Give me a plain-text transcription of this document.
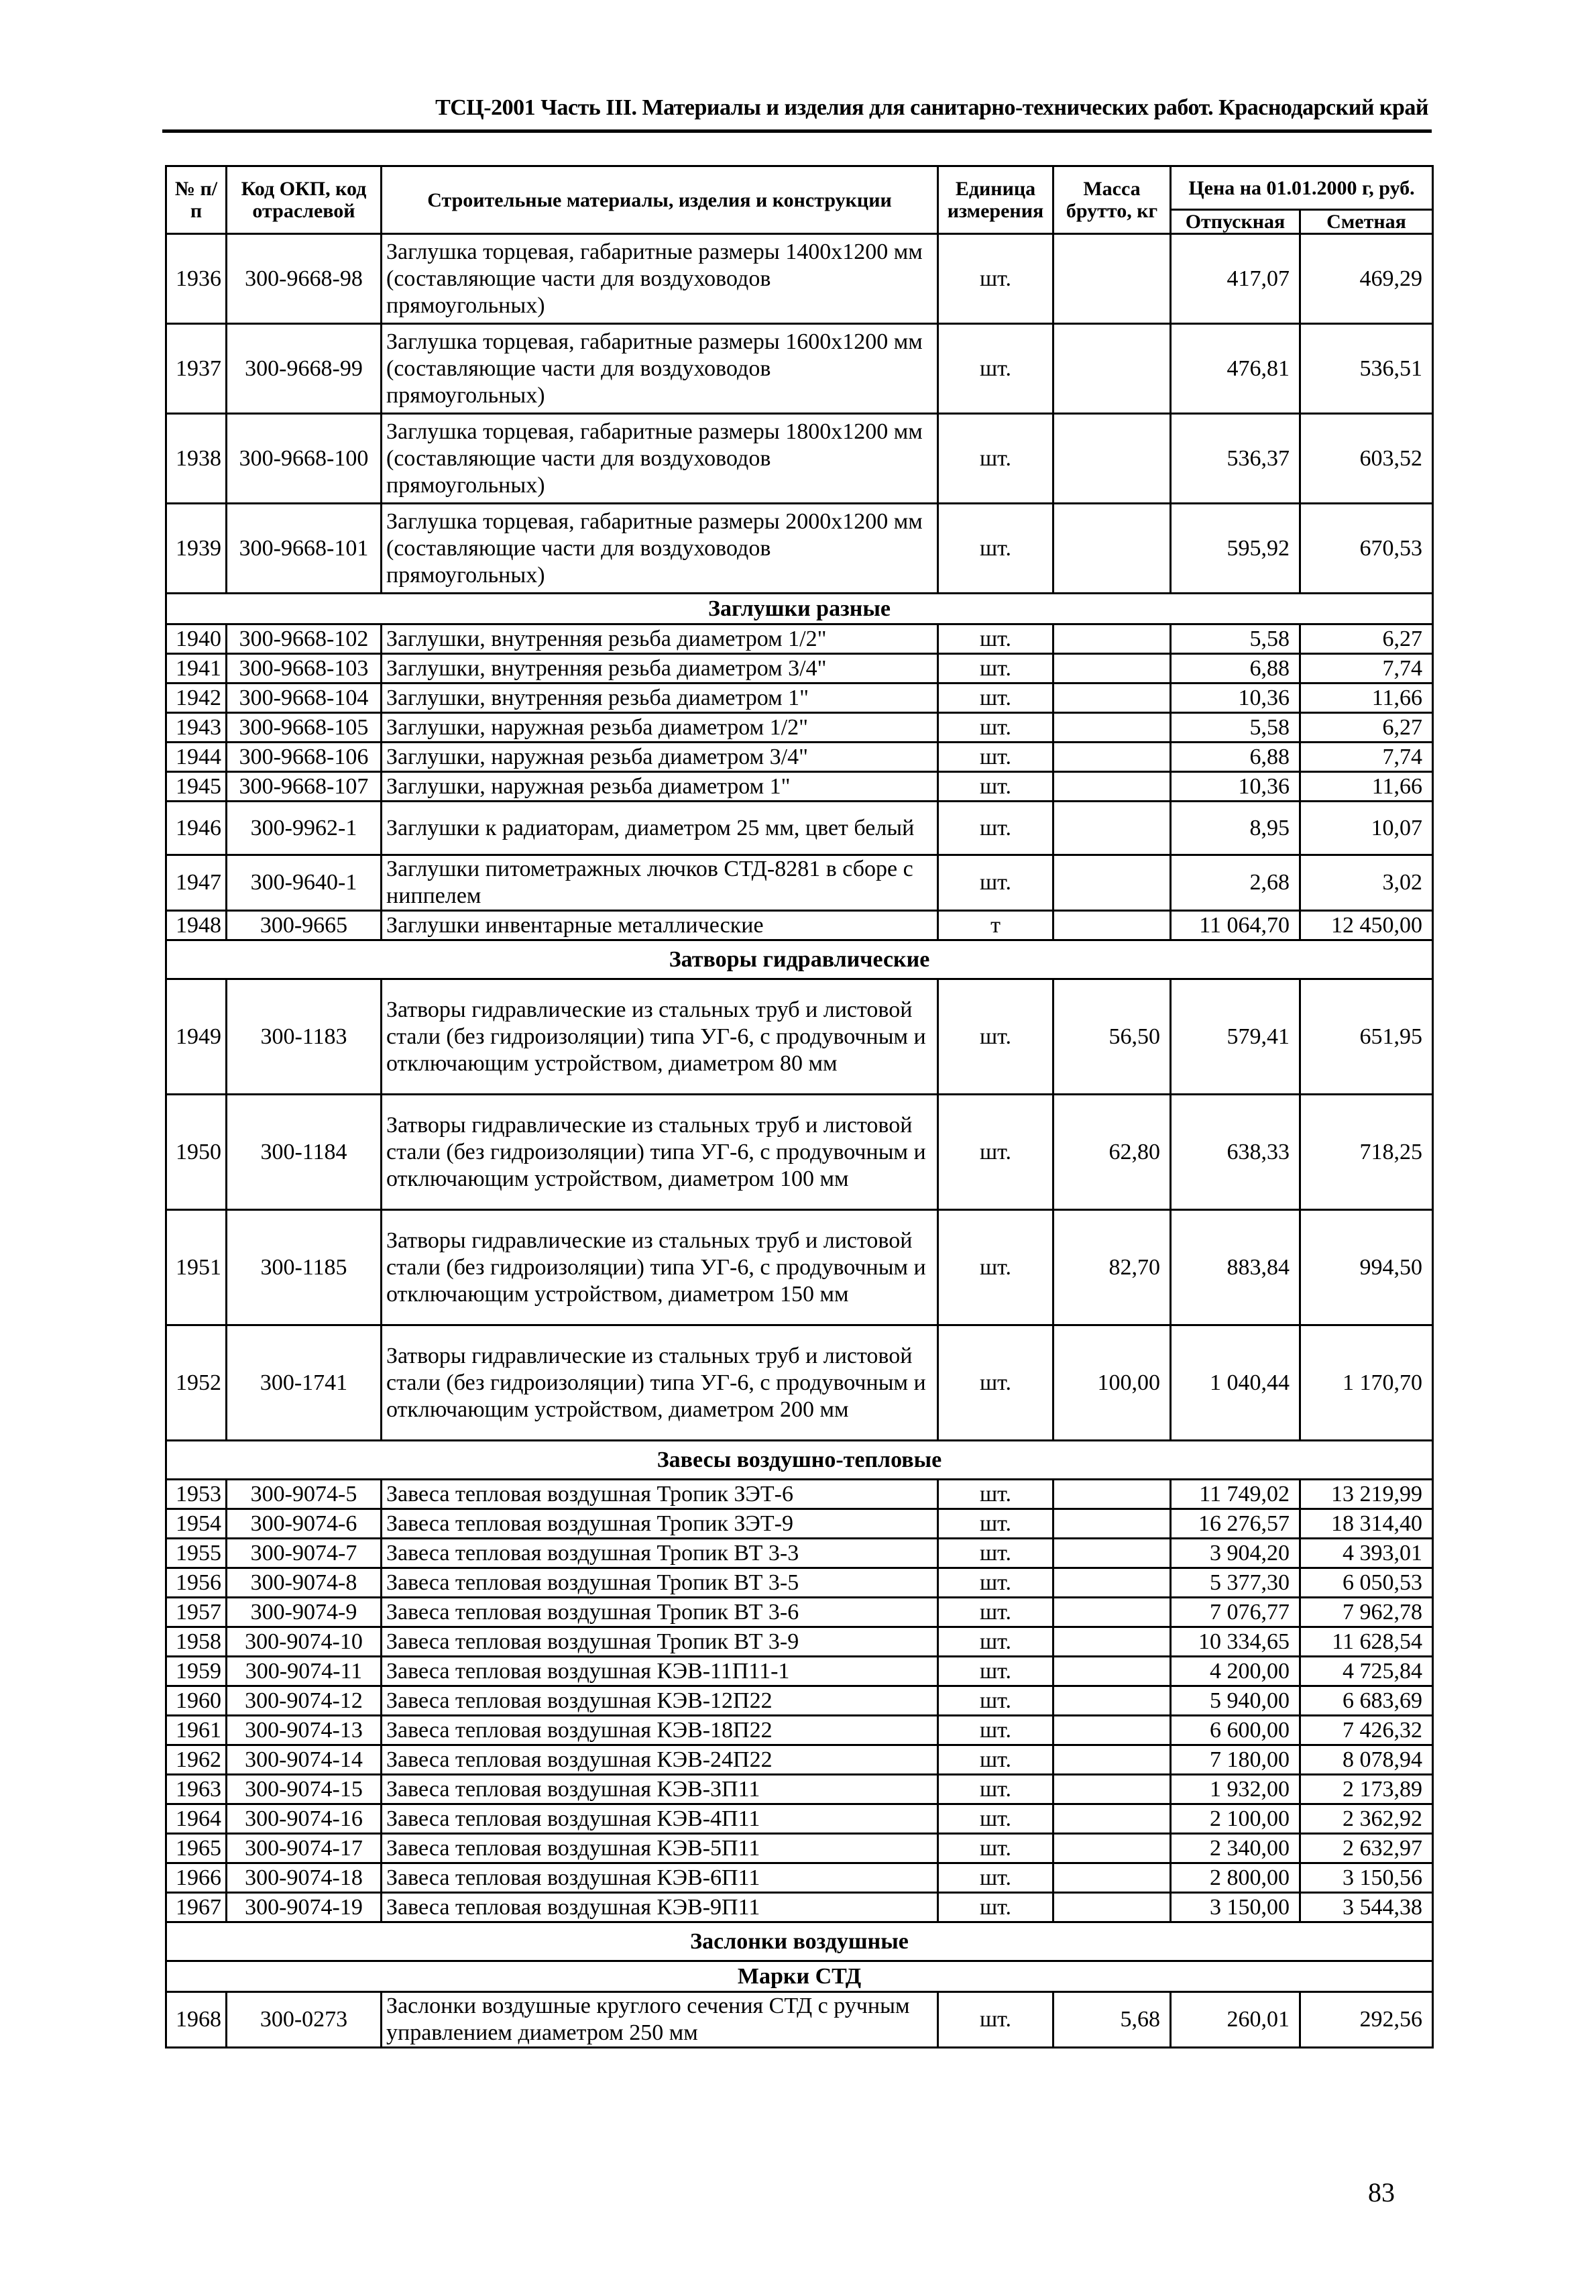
ТСЦ-2001 Часть III. Материалы и изделия для санитарно-технических работ. Краснодарский край
№ п/п	Код ОКП, код отраслевой	Строительные материалы, изделия и конструкции	Единица измерения	Масса брутто, кг	Цена на 01.01.2000 г, руб.	
					Отпускная	Сметная
1936	300-9668-98	Заглушка торцевая, габаритные размеры 1400x1200 мм (составляющие части для воздуховодов прямоугольных)	шт.		417,07	469,29
1937	300-9668-99	Заглушка торцевая, габаритные размеры 1600x1200 мм (составляющие части для воздуховодов прямоугольных)	шт.		476,81	536,51
1938	300-9668-100	Заглушка торцевая, габаритные размеры 1800x1200 мм (составляющие части для воздуховодов прямоугольных)	шт.		536,37	603,52
1939	300-9668-101	Заглушка торцевая, габаритные размеры 2000x1200 мм (составляющие части для воздуховодов прямоугольных)	шт.		595,92	670,53
Заглушки разные						
1940	300-9668-102	Заглушки, внутренняя резьба диаметром 1/2"	шт.		5,58	6,27
1941	300-9668-103	Заглушки, внутренняя резьба диаметром 3/4"	шт.		6,88	7,74
1942	300-9668-104	Заглушки, внутренняя резьба диаметром 1"	шт.		10,36	11,66
1943	300-9668-105	Заглушки, наружная резьба диаметром 1/2"	шт.		5,58	6,27
1944	300-9668-106	Заглушки, наружная резьба диаметром 3/4"	шт.		6,88	7,74
1945	300-9668-107	Заглушки, наружная резьба диаметром 1"	шт.		10,36	11,66
1946	300-9962-1	Заглушки к радиаторам, диаметром 25 мм, цвет белый	шт.		8,95	10,07
1947	300-9640-1	Заглушки питометражных лючков СТД-8281 в сборе с ниппелем	шт.		2,68	3,02
1948	300-9665	Заглушки инвентарные металлические	т		11 064,70	12 450,00
Затворы гидравлические						
1949	300-1183	Затворы гидравлические из стальных труб и листовой стали (без гидроизоляции) типа УГ-6, с продувочным и отключающим устройством, диаметром 80 мм	шт.	56,50	579,41	651,95
1950	300-1184	Затворы гидравлические из стальных труб и листовой стали (без гидроизоляции) типа УГ-6, с продувочным и отключающим устройством, диаметром 100 мм	шт.	62,80	638,33	718,25
1951	300-1185	Затворы гидравлические из стальных труб и листовой стали (без гидроизоляции) типа УГ-6, с продувочным и отключающим устройством, диаметром 150 мм	шт.	82,70	883,84	994,50
1952	300-1741	Затворы гидравлические из стальных труб и листовой стали (без гидроизоляции) типа УГ-6, с продувочным и отключающим устройством, диаметром 200 мм	шт.	100,00	1 040,44	1 170,70
Завесы воздушно-тепловые						
1953	300-9074-5	Завеса тепловая воздушная Тропик ЗЭТ-6	шт.		11 749,02	13 219,99
1954	300-9074-6	Завеса тепловая воздушная Тропик ЗЭТ-9	шт.		16 276,57	18 314,40
1955	300-9074-7	Завеса тепловая воздушная Тропик ВТ 3-3	шт.		3 904,20	4 393,01
1956	300-9074-8	Завеса тепловая воздушная Тропик ВТ 3-5	шт.		5 377,30	6 050,53
1957	300-9074-9	Завеса тепловая воздушная Тропик ВТ 3-6	шт.		7 076,77	7 962,78
1958	300-9074-10	Завеса тепловая воздушная Тропик ВТ 3-9	шт.		10 334,65	11 628,54
1959	300-9074-11	Завеса тепловая воздушная КЭВ-11П11-1	шт.		4 200,00	4 725,84
1960	300-9074-12	Завеса тепловая воздушная КЭВ-12П22	шт.		5 940,00	6 683,69
1961	300-9074-13	Завеса тепловая воздушная КЭВ-18П22	шт.		6 600,00	7 426,32
1962	300-9074-14	Завеса тепловая воздушная КЭВ-24П22	шт.		7 180,00	8 078,94
1963	300-9074-15	Завеса тепловая воздушная КЭВ-3П11	шт.		1 932,00	2 173,89
1964	300-9074-16	Завеса тепловая воздушная КЭВ-4П11	шт.		2 100,00	2 362,92
1965	300-9074-17	Завеса тепловая воздушная КЭВ-5П11	шт.		2 340,00	2 632,97
1966	300-9074-18	Завеса тепловая воздушная КЭВ-6П11	шт.		2 800,00	3 150,56
1967	300-9074-19	Завеса тепловая воздушная КЭВ-9П11	шт.		3 150,00	3 544,38
Заслонки воздушные						
Марки СТД						
1968	300-0273	Заслонки воздушные круглого сечения СТД с ручным управлением диаметром 250 мм	шт.	5,68	260,01	292,56
83
